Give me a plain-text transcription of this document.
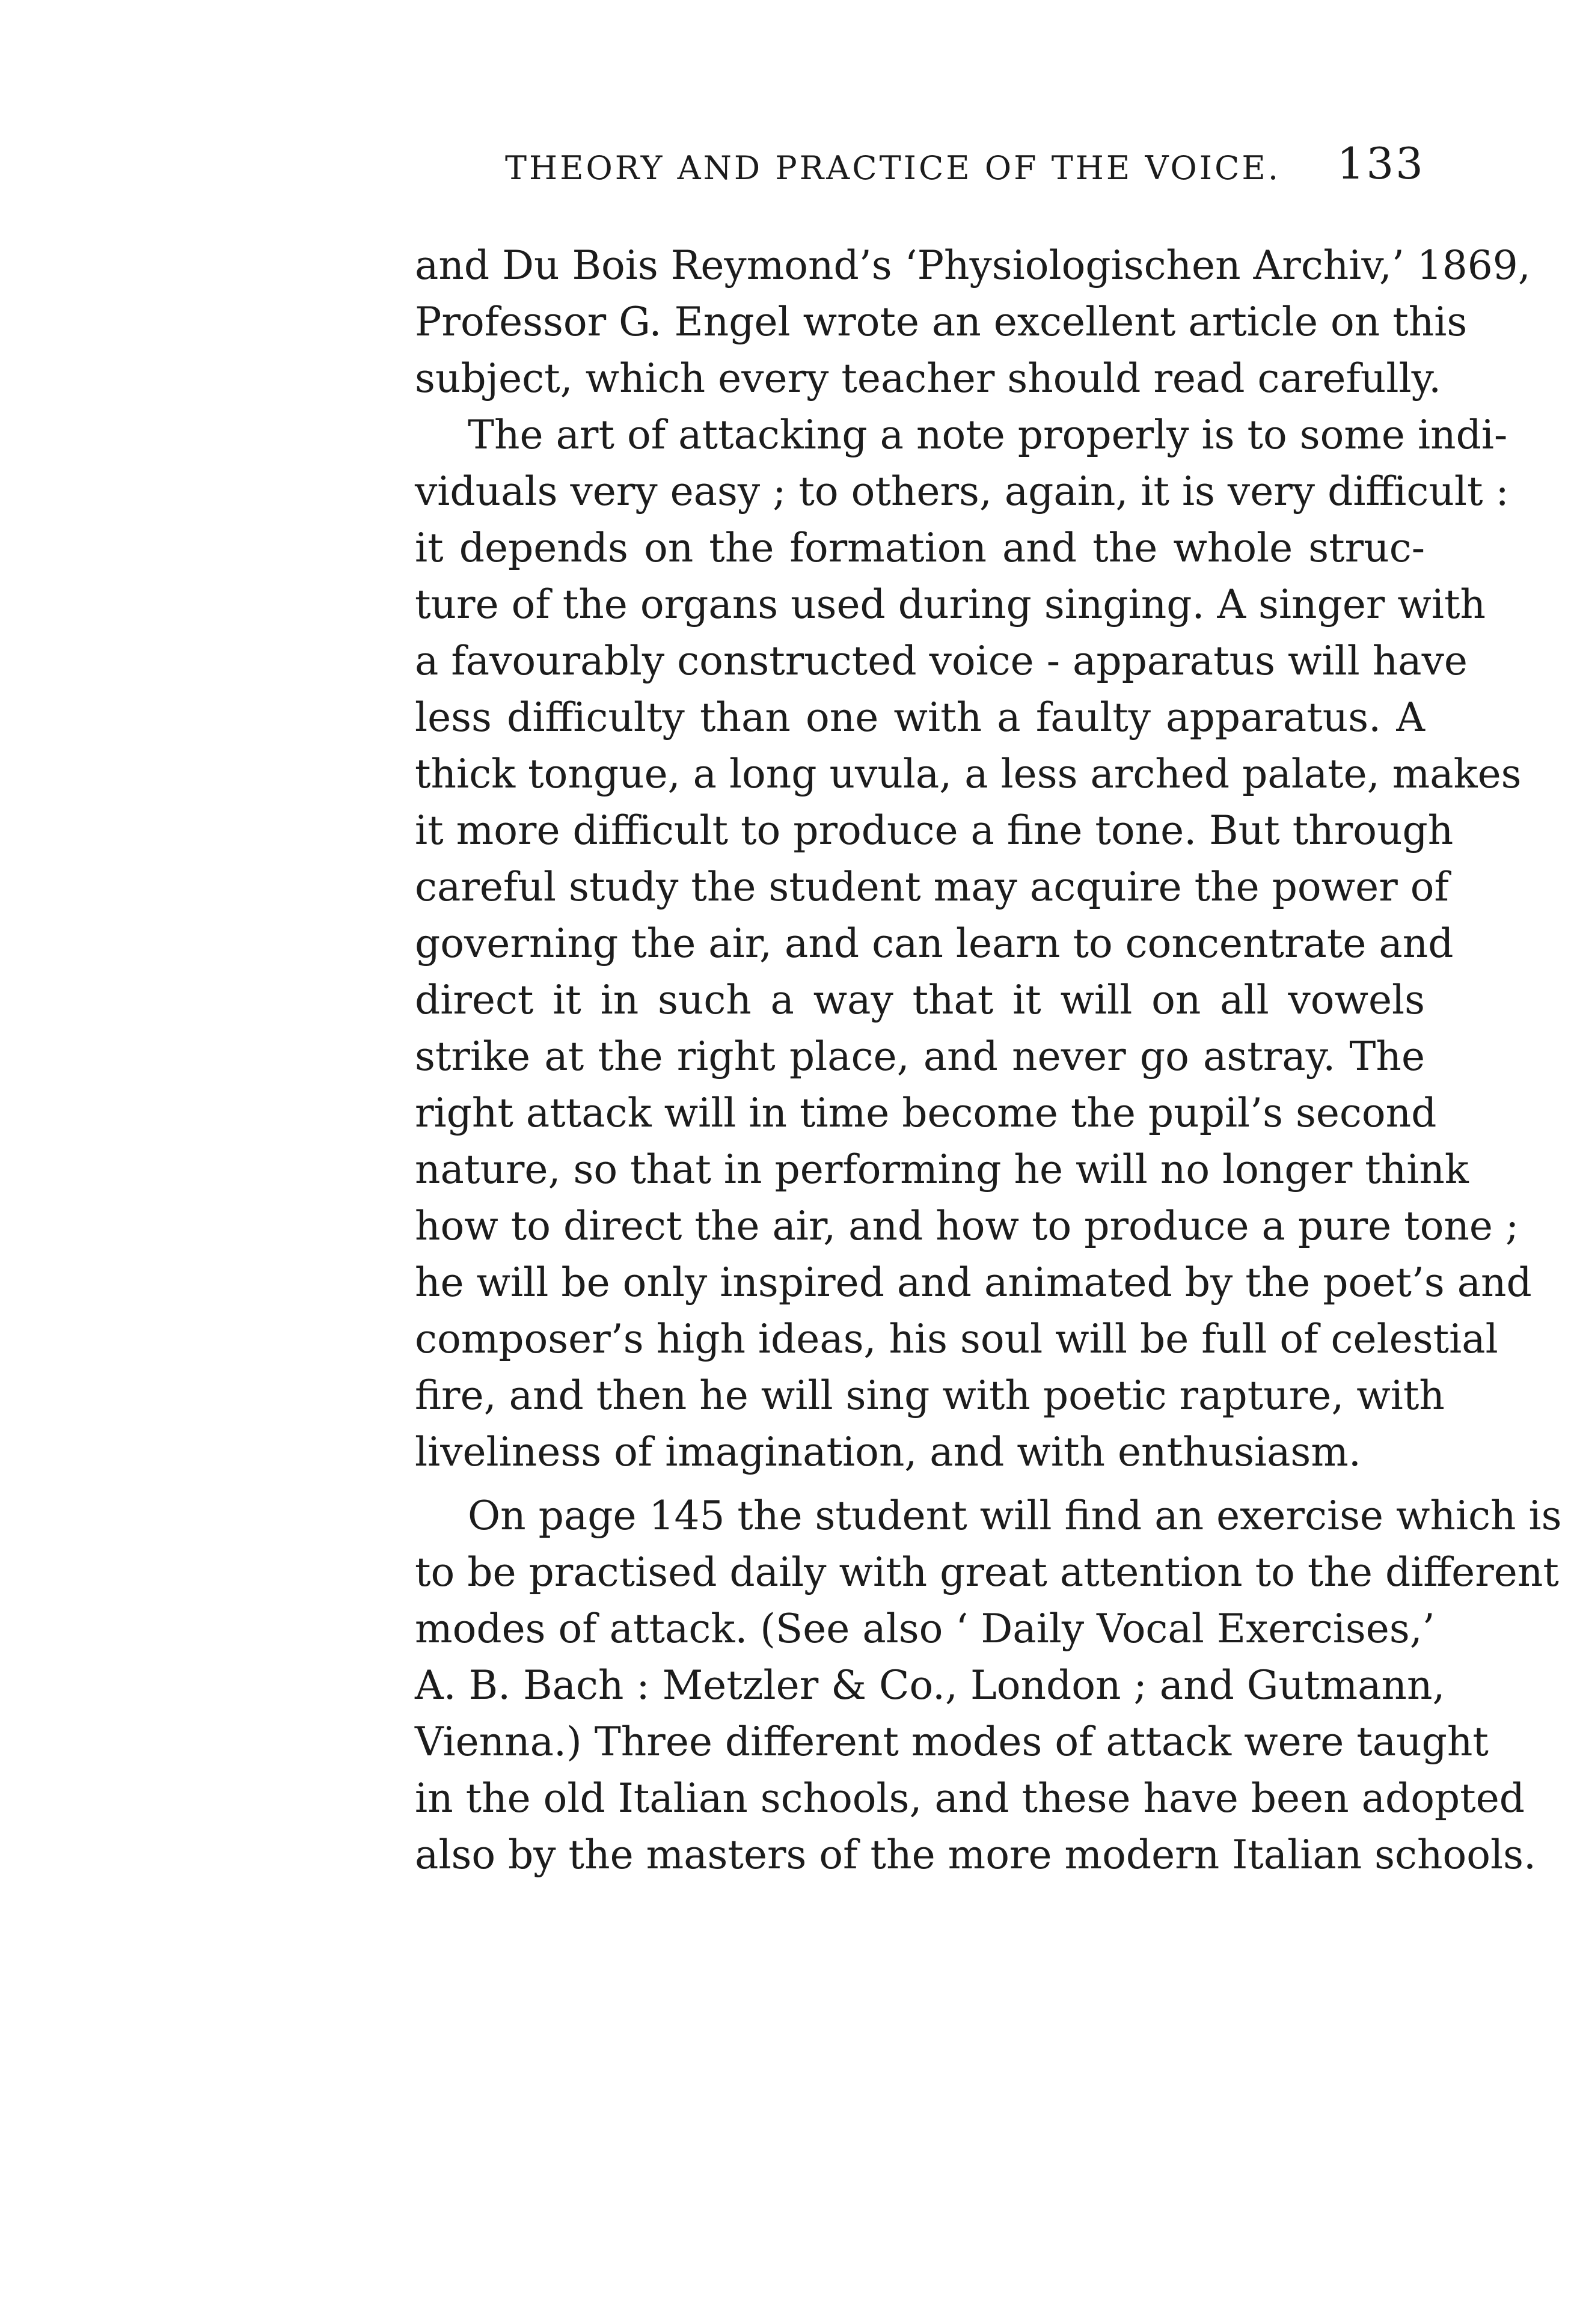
THEORY AND PRACTICE OF THE VOICE. 133
and Du Bois Reymond’s ‘Physiologischen Archiv,’ 1869,
Professor G. Engel wrote an excellent article on this
subject, which every teacher should read carefully.
The art of attacking a note properly is to some indi-
viduals very easy ; to others, again, it is very difficult :
it depends on the formation and the whole struc-
ture of the organs used during singing. A singer with
a favourably constructed voice - apparatus will have
less difficulty than one with a faulty apparatus. A
thick tongue, a long uvula, a less arched palate, makes
it more difficult to produce a fine tone. But through
careful study the student may acquire the power of
governing the air, and can learn to concentrate and
direct it in such a way that it will on all vowels
strike at the right place, and never go astray. The
right attack will in time become the pupil’s second
nature, so that in performing he will no longer think
how to direct the air, and how to produce a pure tone ;
he will be only inspired and animated by the poet’s and
composer’s high ideas, his soul will be full of celestial
fire, and then he will sing with poetic rapture, with
liveliness of imagination, and with enthusiasm.
On page 145 the student will find an exercise which is
to be practised daily with great attention to the different
modes of attack. (See also ‘ Daily Vocal Exercises,’
A. B. Bach : Metzler & Co., London ; and Gutmann,
Vienna.) Three different modes of attack were taught
in the old Italian schools, and these have been adopted
also by the masters of the more modern Italian schools.
